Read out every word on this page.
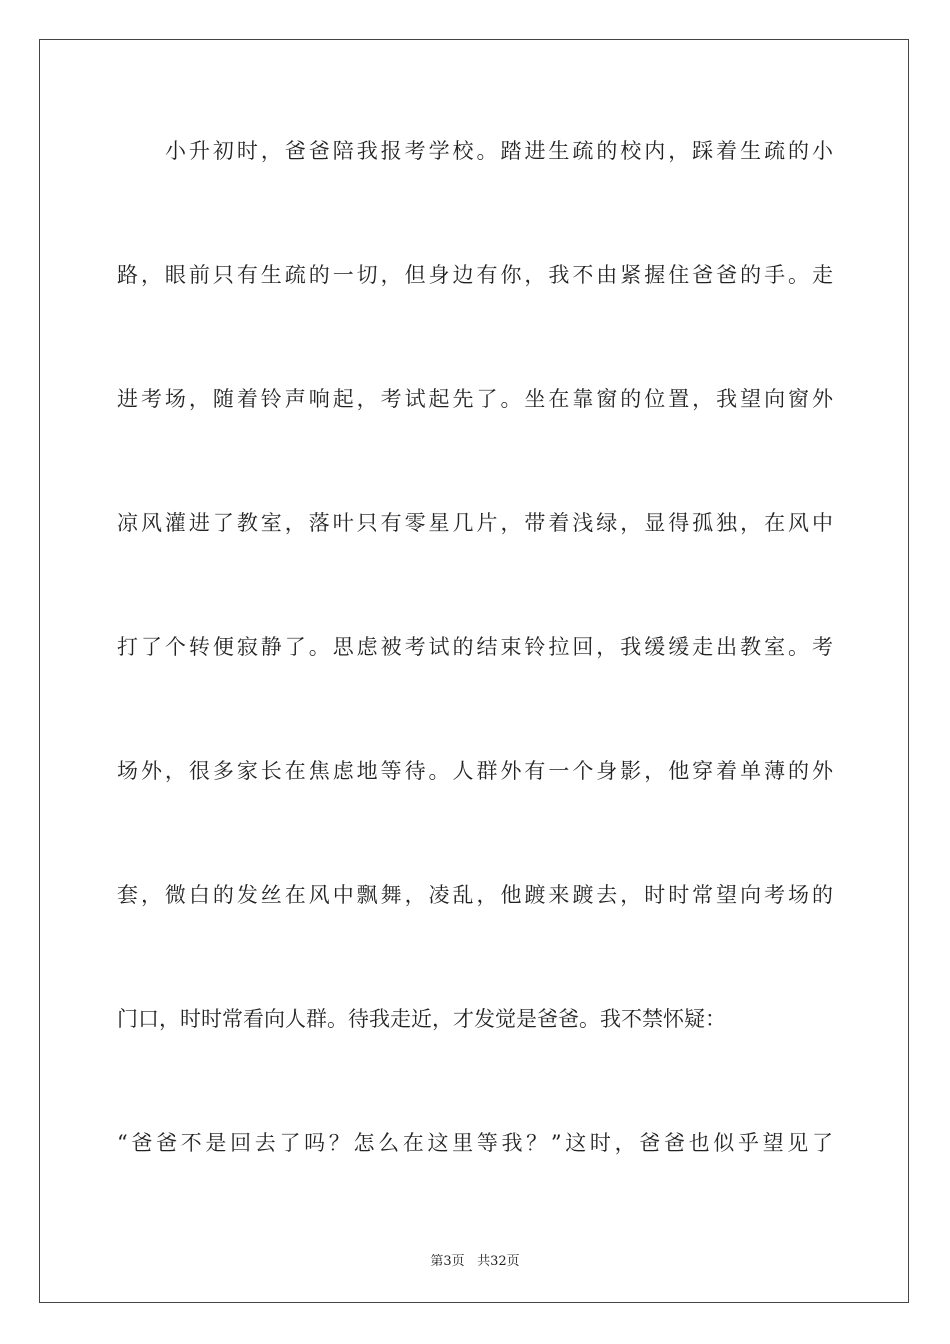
小升初时，爸爸陪我报考学校。踏进生疏的校内，踩着生疏的小

路，眼前只有生疏的一切，但身边有你，我不由紧握住爸爸的手。走

进考场，随着铃声响起，考试起先了。坐在靠窗的位置，我望向窗外

凉风灌进了教室，落叶只有零星几片，带着浅绿，显得孤独，在风中

打了个转便寂静了。思虑被考试的结束铃拉回，我缓缓走出教室。考

场外，很多家长在焦虑地等待。人群外有一个身影，他穿着单薄的外

套，微白的发丝在风中飘舞，凌乱，他踱来踱去，时时常望向考场的

门口，时时常看向人群。待我走近，才发觉是爸爸。我不禁怀疑：

“爸爸不是回去了吗？怎么在这里等我？”这时，爸爸也似乎望见了

第3页 共32页
